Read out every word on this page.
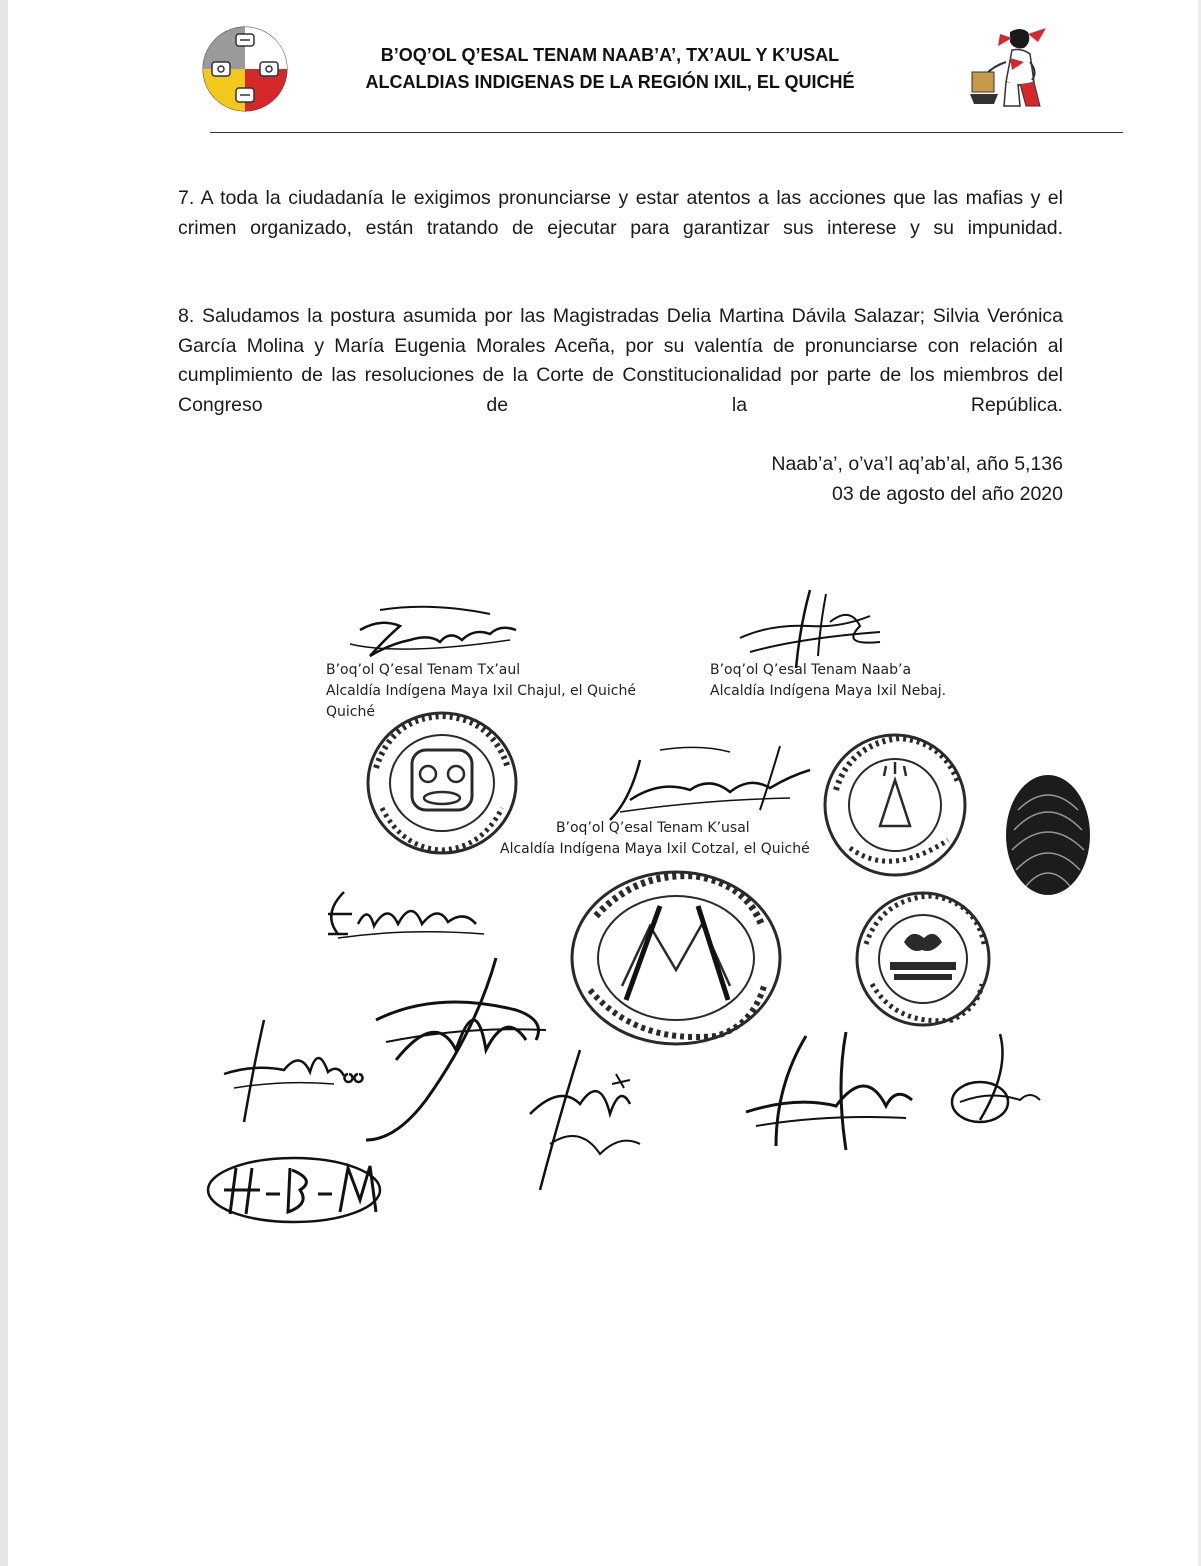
B’OQ’OL Q’ESAL TENAM NAAB’A’, TX’AUL Y K’USAL
ALCALDIAS INDIGENAS DE LA REGIÓN IXIL, EL QUICHÉ
7. A toda la ciudadanía le exigimos pronunciarse y estar atentos a las acciones que las mafias y el crimen organizado, están tratando de ejecutar para garantizar sus interese y su impunidad.
8. Saludamos la postura asumida por las Magistradas Delia Martina Dávila Salazar; Silvia Verónica García Molina y María Eugenia Morales Aceña, por su valentía de pronunciarse con relación al cumplimiento de las resoluciones de la Corte de Constitucionalidad por parte de los miembros del Congreso de la República.
Naab’a’, o’va’l aq’ab’al, año 5,136
03 de agosto del año 2020
B’oq’ol Q’esal Tenam Tx’aul
Alcaldía Indígena Maya Ixil Chajul, el Quiché
Quiché
B’oq’ol Q’esal Tenam Naab’a
Alcaldía Indígena Maya Ixil Nebaj.
B’oq’ol Q’esal Tenam K’usal
Alcaldía Indígena Maya Ixil Cotzal, el Quiché
